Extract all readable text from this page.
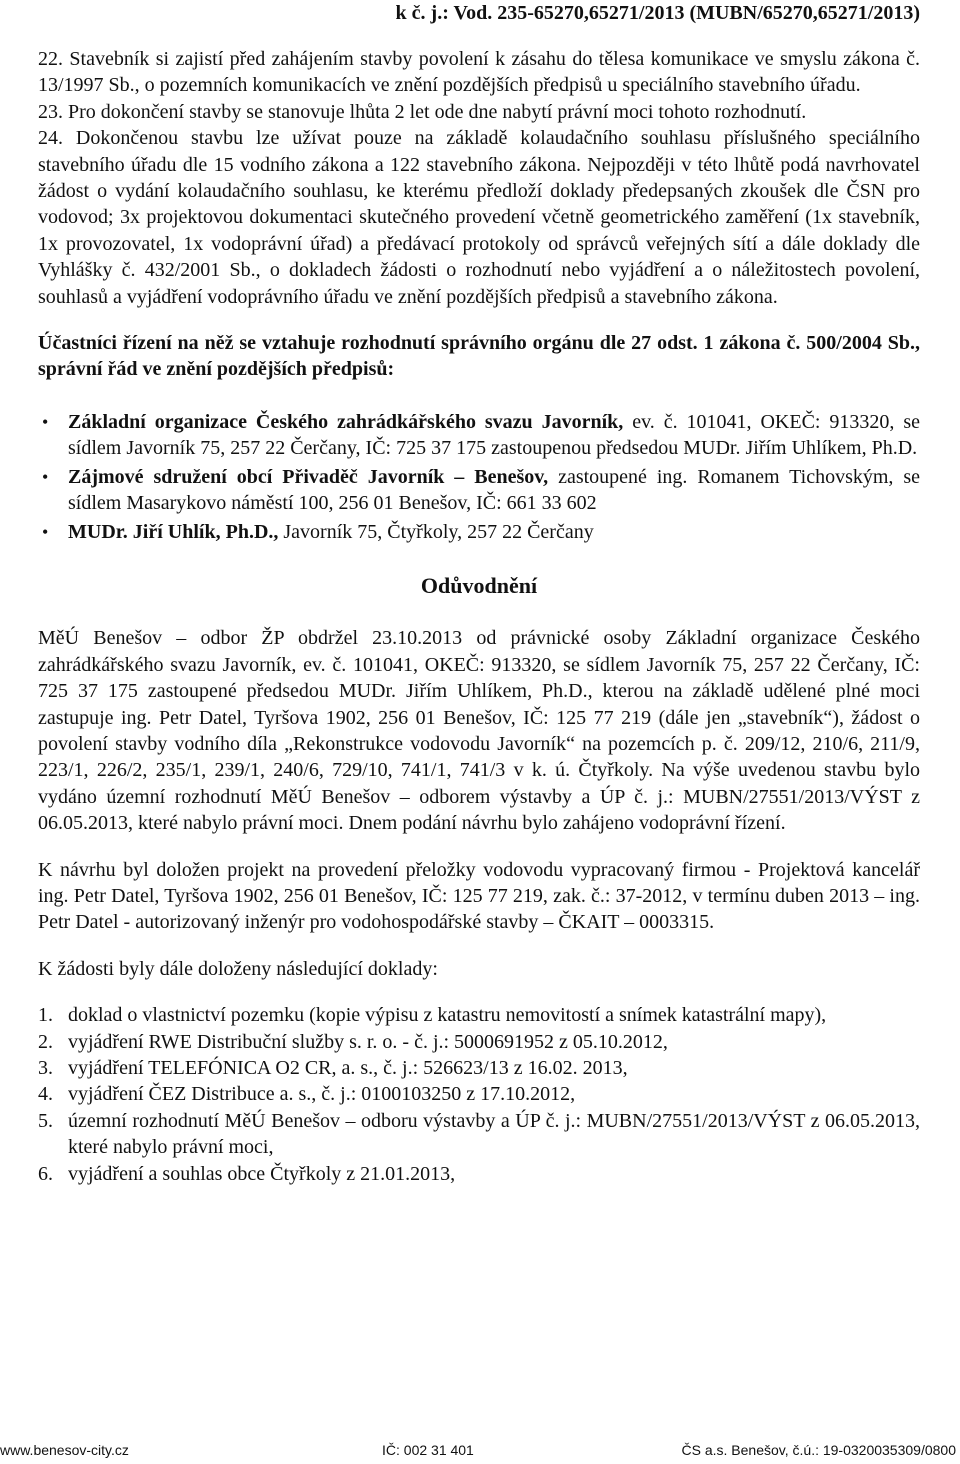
k č. j.: Vod. 235-65270,65271/2013 (MUBN/65270,65271/2013)

22. Stavebník si zajistí před zahájením stavby povolení k zásahu do tělesa komunikace ve smyslu zákona č. 13/1997 Sb., o pozemních komunikacích ve znění pozdějších předpisů u speciálního stavebního úřadu.

23. Pro dokončení stavby se stanovuje lhůta 2 let ode dne nabytí právní moci tohoto rozhodnutí.

24. Dokončenou stavbu lze užívat pouze na základě kolaudačního souhlasu příslušného speciálního stavebního úřadu dle 15 vodního zákona a 122 stavebního zákona. Nejpozději v této lhůtě podá navrhovatel žádost o vydání kolaudačního souhlasu, ke kterému předloží doklady předepsaných zkoušek dle ČSN pro vodovod; 3x projektovou dokumentaci skutečného provedení včetně geometrického zaměření (1x stavebník, 1x provozovatel, 1x vodoprávní úřad) a předávací protokoly od správců veřejných sítí a dále doklady dle Vyhlášky č. 432/2001 Sb., o dokladech žádosti o rozhodnutí nebo vyjádření a o náležitostech povolení, souhlasů a vyjádření vodoprávního úřadu ve znění pozdějších předpisů a stavebního zákona.

Účastníci řízení na něž se vztahuje rozhodnutí správního orgánu dle 27 odst. 1 zákona č. 500/2004 Sb., správní řád ve znění pozdějších předpisů:

• Základní organizace Českého zahrádkářského svazu Javorník, ev. č. 101041, OKEČ: 913320, se sídlem Javorník 75, 257 22 Čerčany, IČ: 725 37 175 zastoupenou předsedou MUDr. Jiřím Uhlíkem, Ph.D.
• Zájmové sdružení obcí Přivaděč Javorník – Benešov, zastoupené ing. Romanem Tichovským, se sídlem Masarykovo náměstí 100, 256 01 Benešov, IČ: 661 33 602
• MUDr. Jiří Uhlík, Ph.D., Javorník 75, Čtyřkoly, 257 22 Čerčany

Odůvodnění

MěÚ Benešov – odbor ŽP obdržel 23.10.2013 od právnické osoby Základní organizace Českého zahrádkářského svazu Javorník, ev. č. 101041, OKEČ: 913320, se sídlem Javorník 75, 257 22 Čerčany, IČ: 725 37 175 zastoupené předsedou MUDr. Jiřím Uhlíkem, Ph.D., kterou na základě udělené plné moci zastupuje ing. Petr Datel, Tyršova 1902, 256 01 Benešov, IČ: 125 77 219 (dále jen „stavebník“), žádost o povolení stavby vodního díla „Rekonstrukce vodovodu Javorník“ na pozemcích p. č. 209/12, 210/6, 211/9, 223/1, 226/2, 235/1, 239/1, 240/6, 729/10, 741/1, 741/3 v k. ú. Čtyřkoly. Na výše uvedenou stavbu bylo vydáno územní rozhodnutí MěÚ Benešov – odborem výstavby a ÚP č. j.: MUBN/27551/2013/VÝST z 06.05.2013, které nabylo právní moci. Dnem podání návrhu bylo zahájeno vodoprávní řízení.

K návrhu byl doložen projekt na provedení přeložky vodovodu vypracovaný firmou - Projektová kancelář ing. Petr Datel, Tyršova 1902, 256 01 Benešov, IČ: 125 77 219, zak. č.: 37-2012, v termínu duben 2013 – ing. Petr Datel - autorizovaný inženýr pro vodohospodářské stavby – ČKAIT – 0003315.

K žádosti byly dále doloženy následující doklady:

1. doklad o vlastnictví pozemku (kopie výpisu z katastru nemovitostí a snímek katastrální mapy),
2. vyjádření RWE Distribuční služby s. r. o. - č. j.: 5000691952 z 05.10.2012,
3. vyjádření TELEFÓNICA O2 CR, a. s., č. j.: 526623/13 z 16.02. 2013,
4. vyjádření ČEZ Distribuce a. s., č. j.: 0100103250 z 17.10.2012,
5. územní rozhodnutí MěÚ Benešov – odboru výstavby a ÚP č. j.: MUBN/27551/2013/VÝST z 06.05.2013, které nabylo právní moci,
6. vyjádření a souhlas obce Čtyřkoly z 21.01.2013,
www.benesov-city.cz	IČ: 002 31 401	ČS a.s. Benešov, č.ú.: 19-0320035309/0800
